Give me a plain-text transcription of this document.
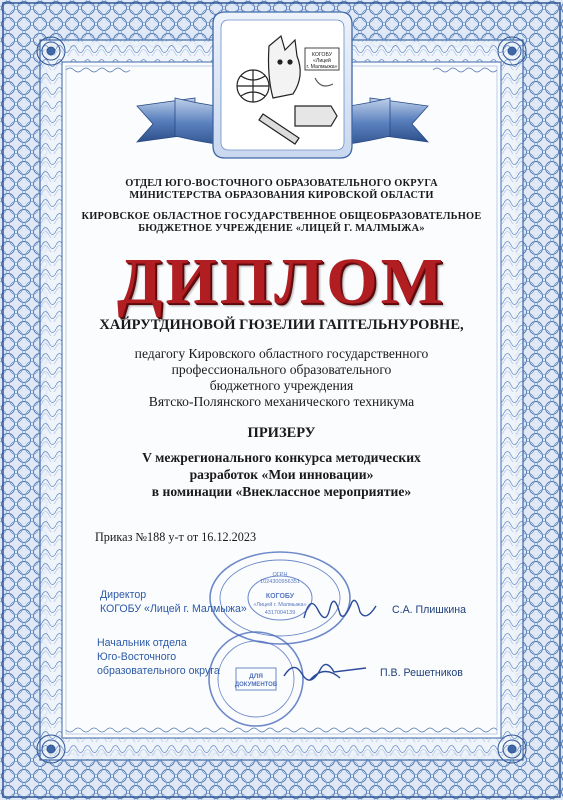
КОГОБУ
«Лицей
г. Малмыжа»

ОТДЕЛ ЮГО-ВОСТОЧНОГО ОБРАЗОВАТЕЛЬНОГО ОКРУГА

МИНИСТЕРСТВА ОБРАЗОВАНИЯ КИРОВСКОЙ ОБЛАСТИ

КИРОВСКОЕ ОБЛАСТНОЕ ГОСУДАРСТВЕННОЕ ОБЩЕОБРАЗОВАТЕЛЬНОЕ

БЮДЖЕТНОЕ УЧРЕЖДЕНИЕ «ЛИЦЕЙ Г. МАЛМЫЖА»

ДИПЛОМ

ХАЙРУТДИНОВОЙ ГЮЗЕЛИИ ГАПТЕЛЬНУРОВНЕ,

педагогу Кировского областного государственного

профессионального образовательного

бюджетного учреждения

Вятско-Полянского механического техникума

ПРИЗЕРУ

V межрегионального конкурса методических

разработок «Мои инновации»

в номинации «Внеклассное мероприятие»

Приказ №188 у-т от 16.12.2023
ОГРН
1024300956351
КОГОБУ
«Лицей г. Малмыжа»
4317004139
ДЛЯ
ДОКУМЕНТОВ
Директор
КОГОБУ «Лицей г. Малмыжа»	С.А. Плишкина
Начальник отдела
Юго-Восточного
образовательного округа	П.В. Решетников
